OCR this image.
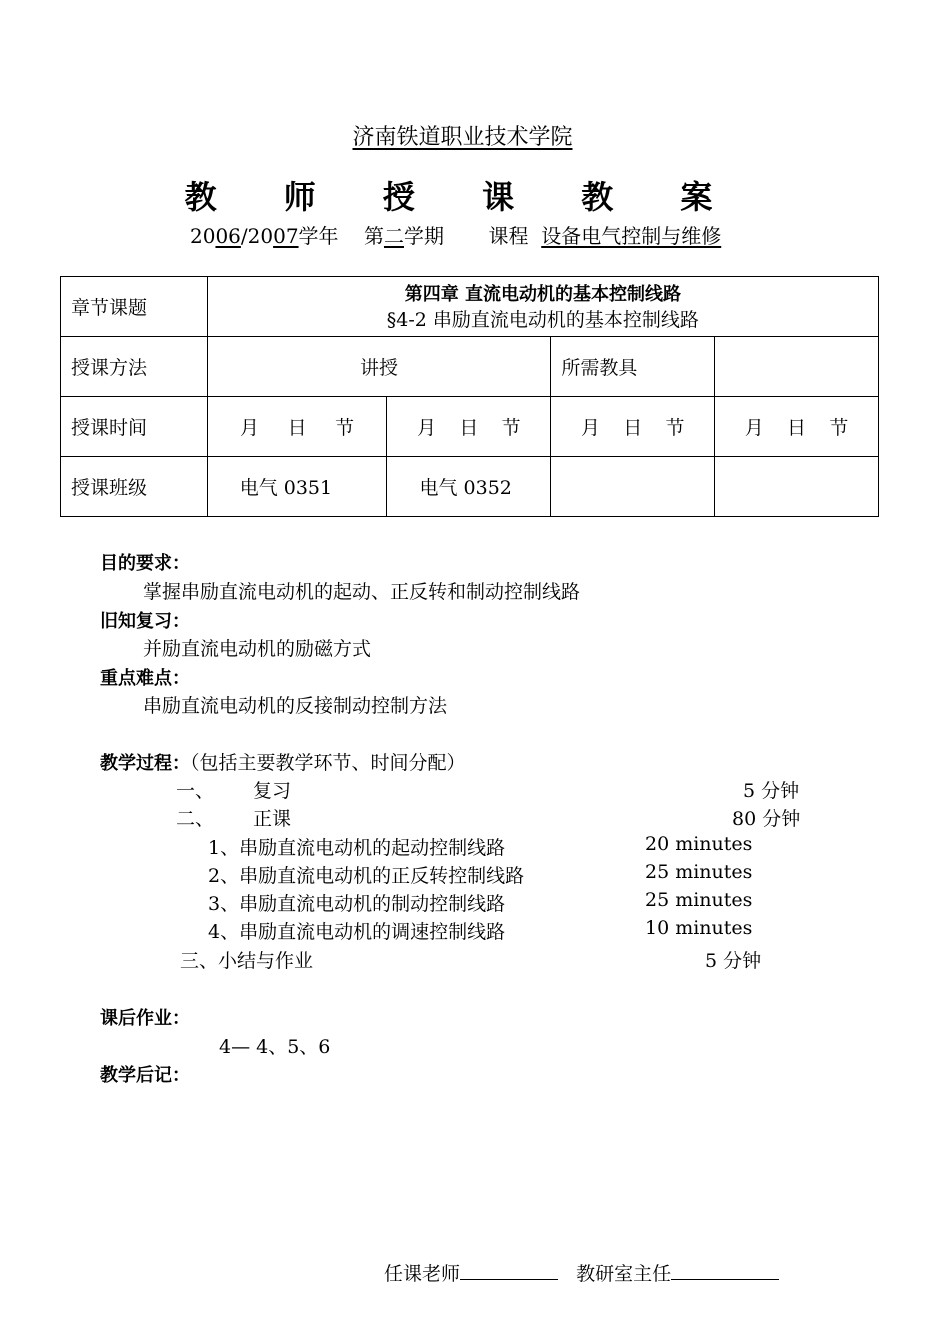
济南铁道职业技术学院
教 师 授 课 教 案
2006/2007学年 第二学期 课程 设备电气控制与维修
章节课题	第四章 直流电动机的基本控制线路
§4-2 串励直流电动机的基本控制线路			

授课方法	讲授		所需教具	
授课时间	月 日 节	月 日 节	月 日 节	月 日 节

授课班级	电气 0351	电气 0352		
目的要求：
掌握串励直流电动机的起动、正反转和制动控制线路
旧知复习：
并励直流电动机的励磁方式
重点难点：
串励直流电动机的反接制动控制方法
教学过程：（包括主要教学环节、时间分配）
一、 复习	5 分钟
二、 正课	80 分钟
1、串励直流电动机的起动控制线路	20 minutes
2、串励直流电动机的正反转控制线路	25 minutes
3、串励直流电动机的制动控制线路	25 minutes
4、串励直流电动机的调速控制线路	10 minutes
三、小结与作业	5 分钟
课后作业：
4— 4、5、6
教学后记：
任课老师	教研室主任
